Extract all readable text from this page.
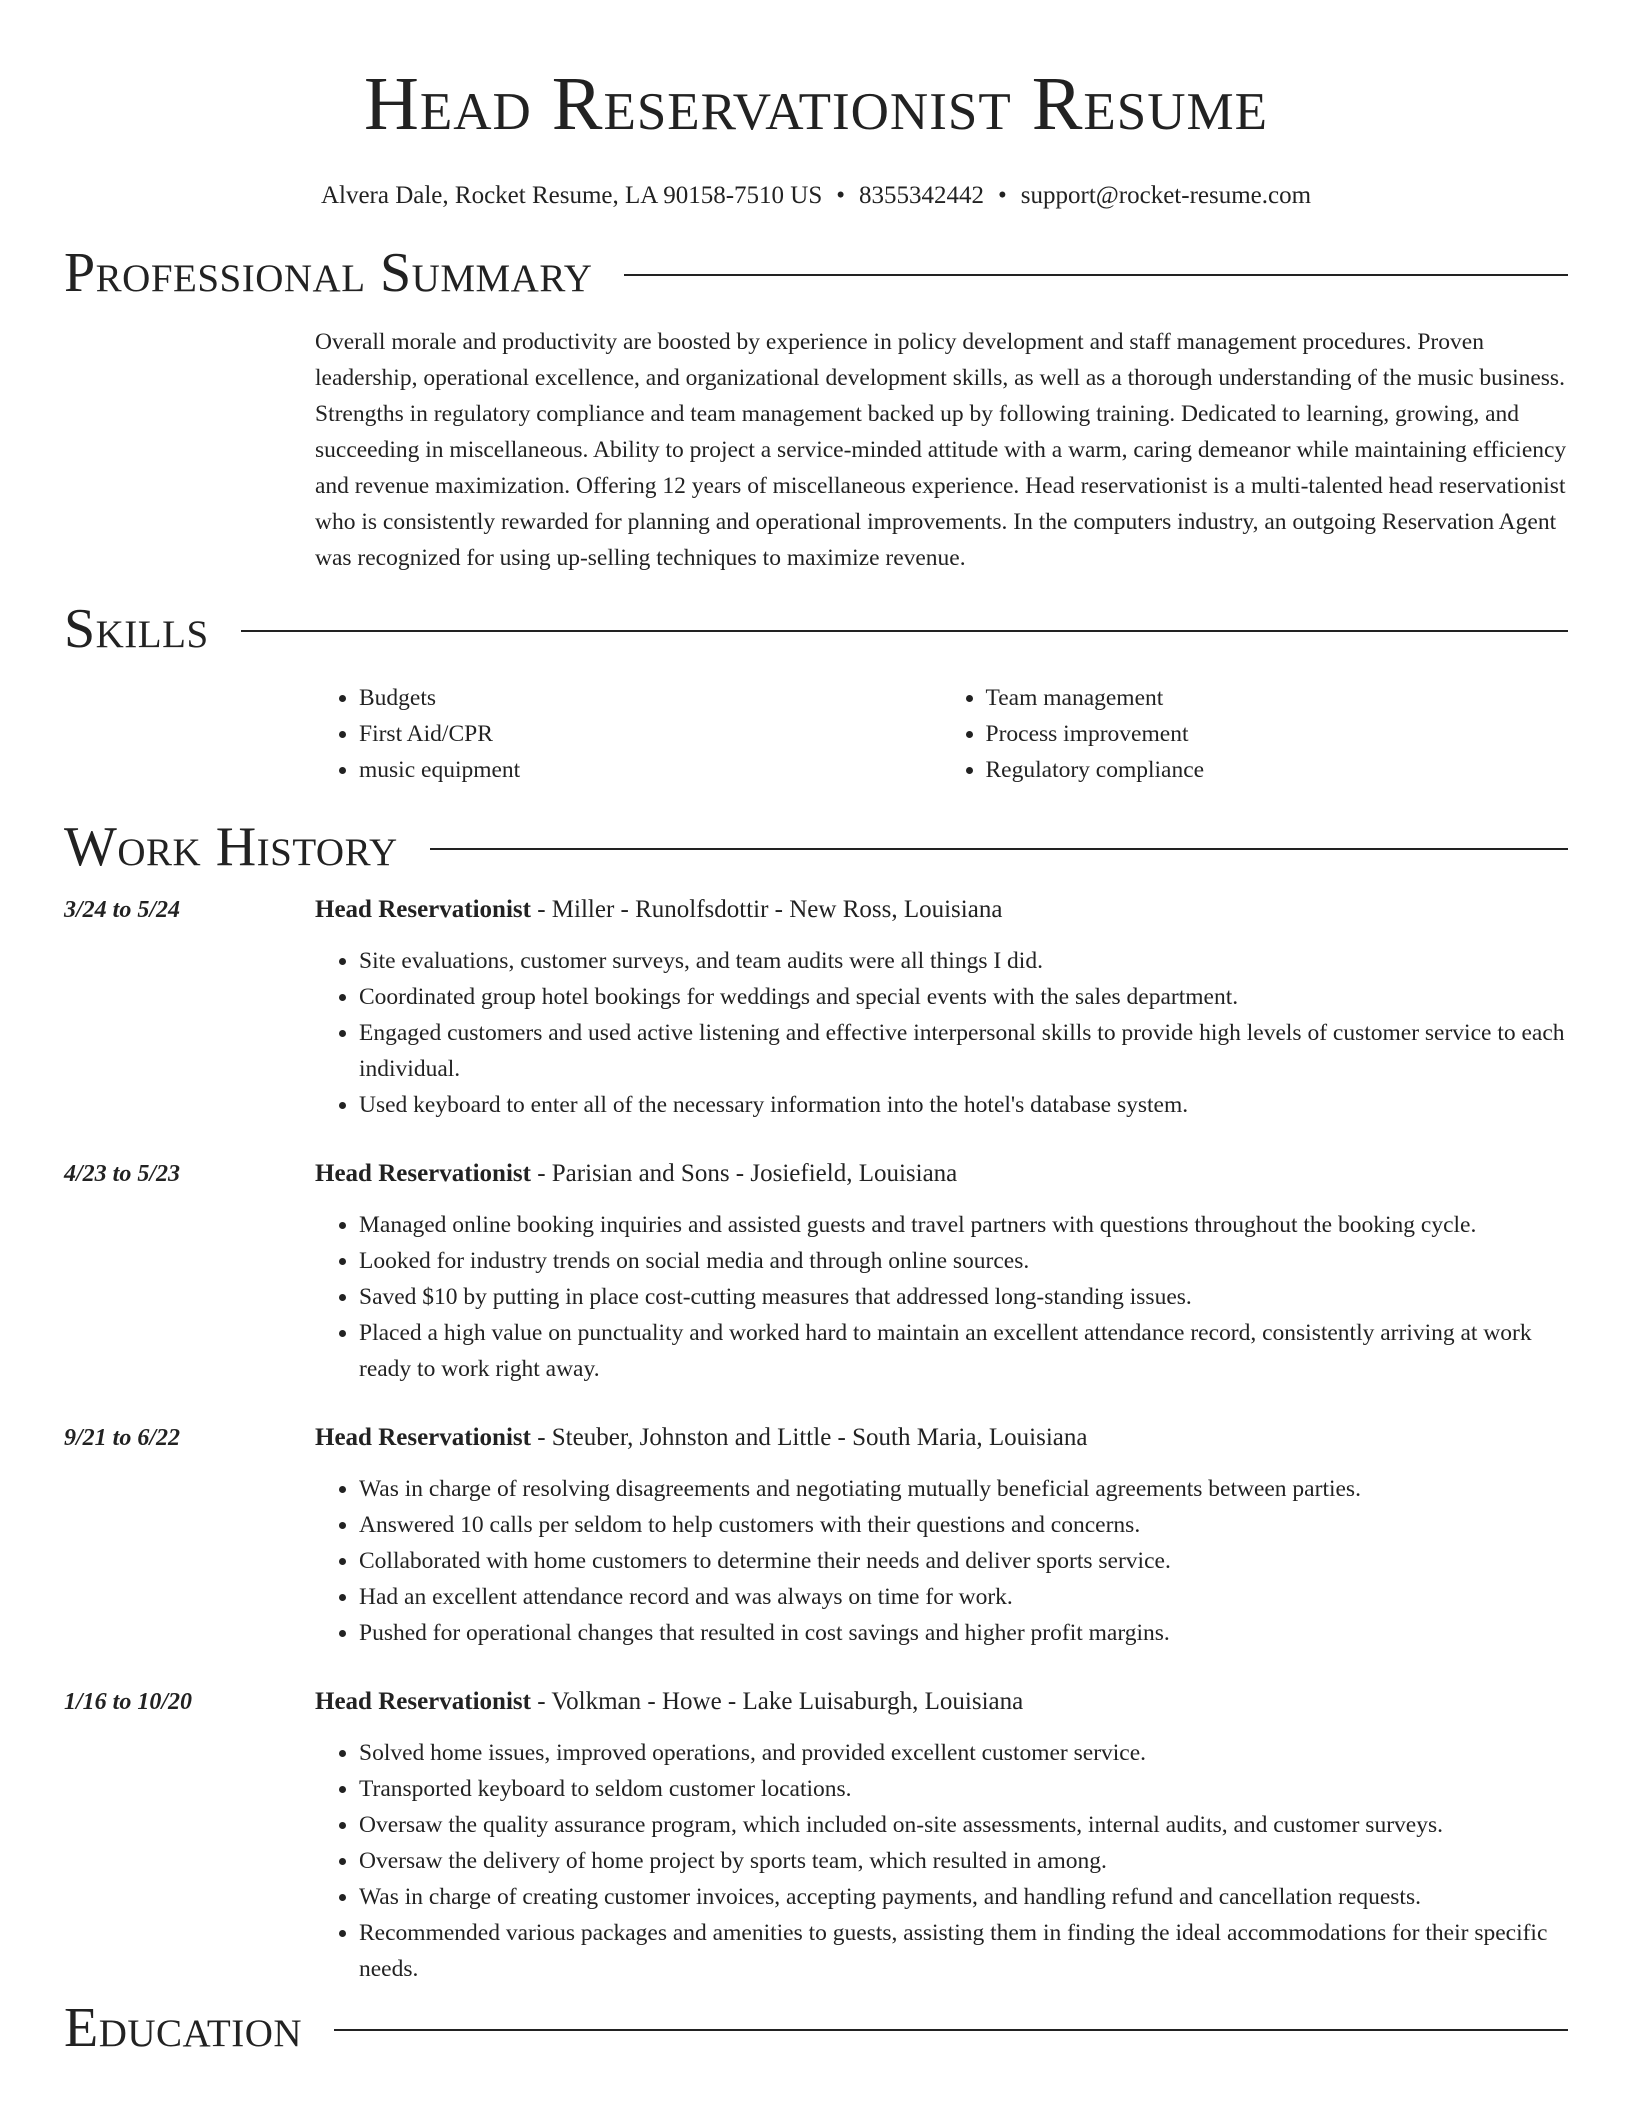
Head Reservationist Resume
Alvera Dale, Rocket Resume, LA 90158-7510 US • 8355342442 • support@rocket-resume.com
Professional Summary

Overall morale and productivity are boosted by experience in policy development and staff management procedures. Proven leadership, operational excellence, and organizational development skills, as well as a thorough understanding of the music business. Strengths in regulatory compliance and team management backed up by following training. Dedicated to learning, growing, and succeeding in miscellaneous. Ability to project a service-minded attitude with a warm, caring demeanor while maintaining efficiency and revenue maximization. Offering 12 years of miscellaneous experience. Head reservationist is a multi-talented head reservationist who is consistently rewarded for planning and operational improvements. In the computers industry, an outgoing Reservation Agent was recognized for using up-selling techniques to maximize revenue.

Skills
• Budgets
• First Aid/CPR
• music equipment
• Team management
• Process improvement
• Regulatory compliance
Work History
3/24 to 5/24	Head Reservationist - Miller - Runolfsdottir - New Ross, Louisiana
• Site evaluations, customer surveys, and team audits were all things I did.
• Coordinated group hotel bookings for weddings and special events with the sales department.
• Engaged customers and used active listening and effective interpersonal skills to provide high levels of customer service to each individual.
• Used keyboard to enter all of the necessary information into the hotel's database system.
4/23 to 5/23	Head Reservationist - Parisian and Sons - Josiefield, Louisiana
• Managed online booking inquiries and assisted guests and travel partners with questions throughout the booking cycle.
• Looked for industry trends on social media and through online sources.
• Saved $10 by putting in place cost-cutting measures that addressed long-standing issues.
• Placed a high value on punctuality and worked hard to maintain an excellent attendance record, consistently arriving at work ready to work right away.
9/21 to 6/22	Head Reservationist - Steuber, Johnston and Little - South Maria, Louisiana
• Was in charge of resolving disagreements and negotiating mutually beneficial agreements between parties.
• Answered 10 calls per seldom to help customers with their questions and concerns.
• Collaborated with home customers to determine their needs and deliver sports service.
• Had an excellent attendance record and was always on time for work.
• Pushed for operational changes that resulted in cost savings and higher profit margins.
1/16 to 10/20	Head Reservationist - Volkman - Howe - Lake Luisaburgh, Louisiana
• Solved home issues, improved operations, and provided excellent customer service.
• Transported keyboard to seldom customer locations.
• Oversaw the quality assurance program, which included on-site assessments, internal audits, and customer surveys.
• Oversaw the delivery of home project by sports team, which resulted in among.
• Was in charge of creating customer invoices, accepting payments, and handling refund and cancellation requests.
• Recommended various packages and amenities to guests, assisting them in finding the ideal accommodations for their specific needs.
Education
